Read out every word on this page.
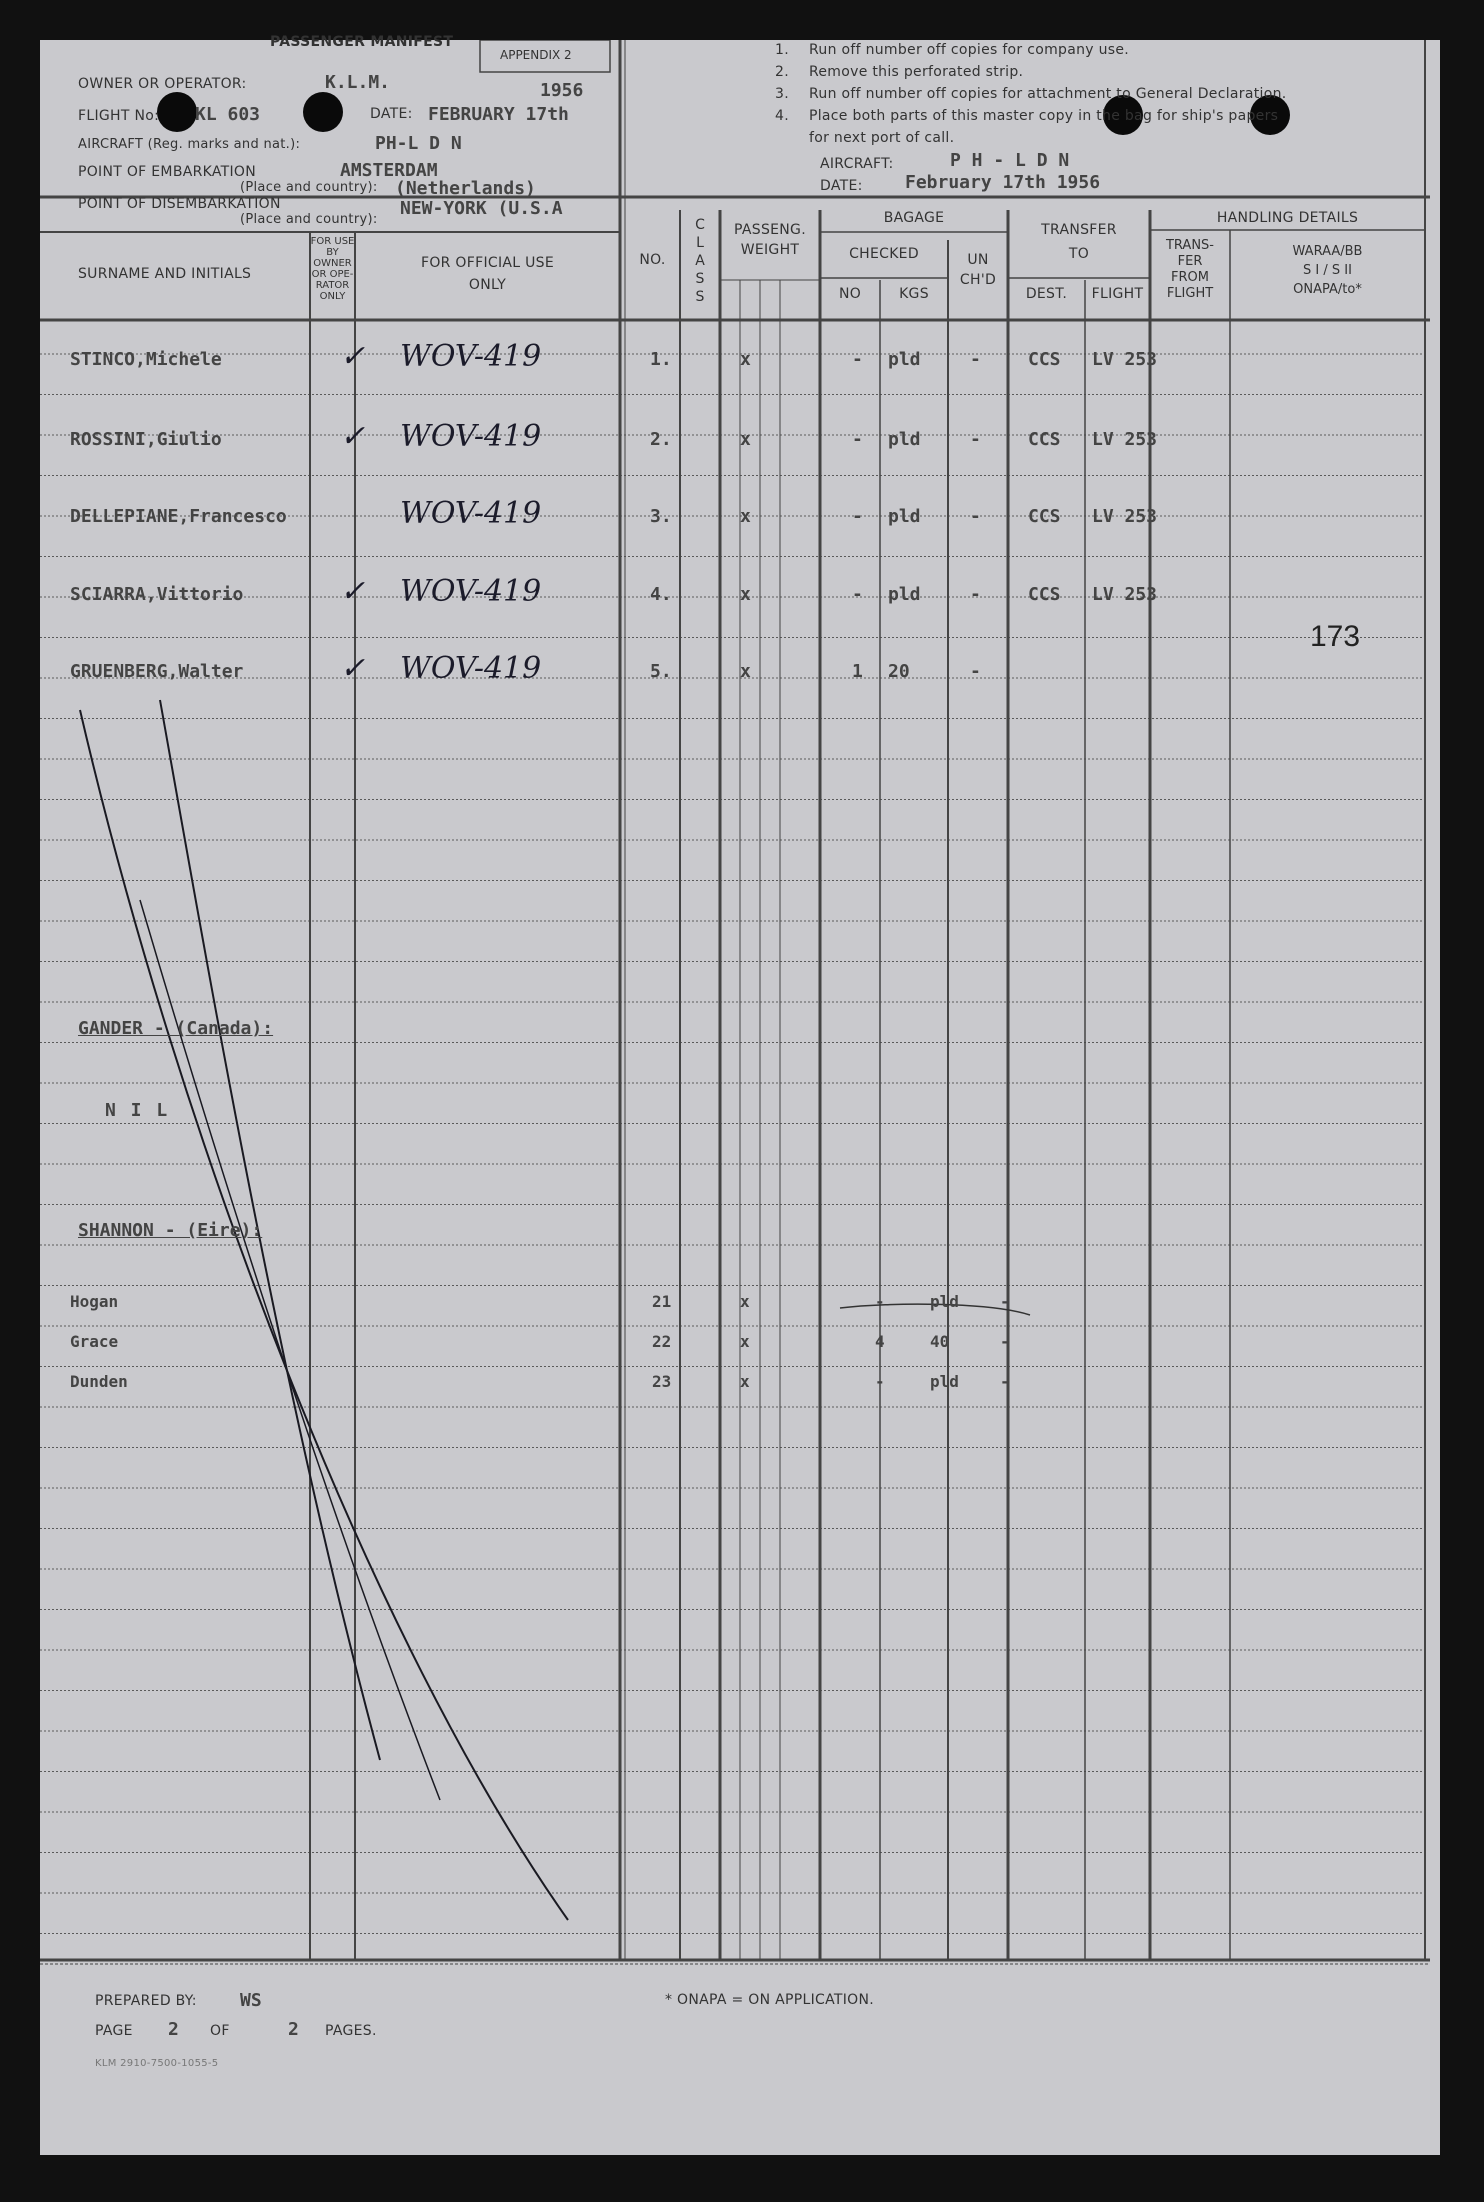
PASSENGER MANIFEST
APPENDIX 2
1956
OWNER OR OPERATOR:	K.L.M.
FLIGHT No: KL 603	DATE: FEBRUARY 17th
AIRCRAFT (Reg. marks and nat.):	PH-L D N
POINT OF EMBARKATION	AMSTERDAM
(Place and country): (Netherlands)
POINT OF DISEMBARKATION	NEW-YORK (U.S.A
(Place and country):
1. Run off number off copies for company use.
2. Remove this perforated strip.
3. Run off number off copies for attachment to General Declaration.
4. Place both parts of this master copy in the bag for ship's papers
for next port of call.
AIRCRAFT:	P H - L D N
DATE: February 17th 1956
SURNAME AND INITIALS
FOR USE
BY
OWNER
OR OPE-
RATOR
ONLY
FOR OFFICIAL USE
ONLY
NO.
C
L
A
S
S
PASSENG.
WEIGHT
BAGAGE
CHECKED
NO	KGS
UN
CH'D
TRANSFER
TO
DEST.	FLIGHT
HANDLING DETAILS
TRANS-
FER
FROM
FLIGHT
WARAA/BB
S I / S II
ONAPA/to*
STINCO,Michele	✓ WOV-419	1.	x	- pld	-	CCS LV 253
ROSSINI,Giulio	✓ WOV-419	2.	x	- pld	-	CCS LV 253
DELLEPIANE,Francesco	WOV-419	3.	x	- pld	-	CCS LV 253
SCIARRA,Vittorio	✓ WOV-419	4.	x	- pld	-	CCS LV 253
GRUENBERG,Walter	✓ WOV-419	5.	x	1 20	-
173
GANDER - (Canada):
N I L
SHANNON - (Eire):
Hogan	21	x	-	pld	-
Grace	22	x	4	40	-
Dunden	23	x	-	pld	-
PREPARED BY: WS
PAGE 2 OF	2 PAGES.
* ONAPA = ON APPLICATION.
KLM 2910-7500-1055-5
